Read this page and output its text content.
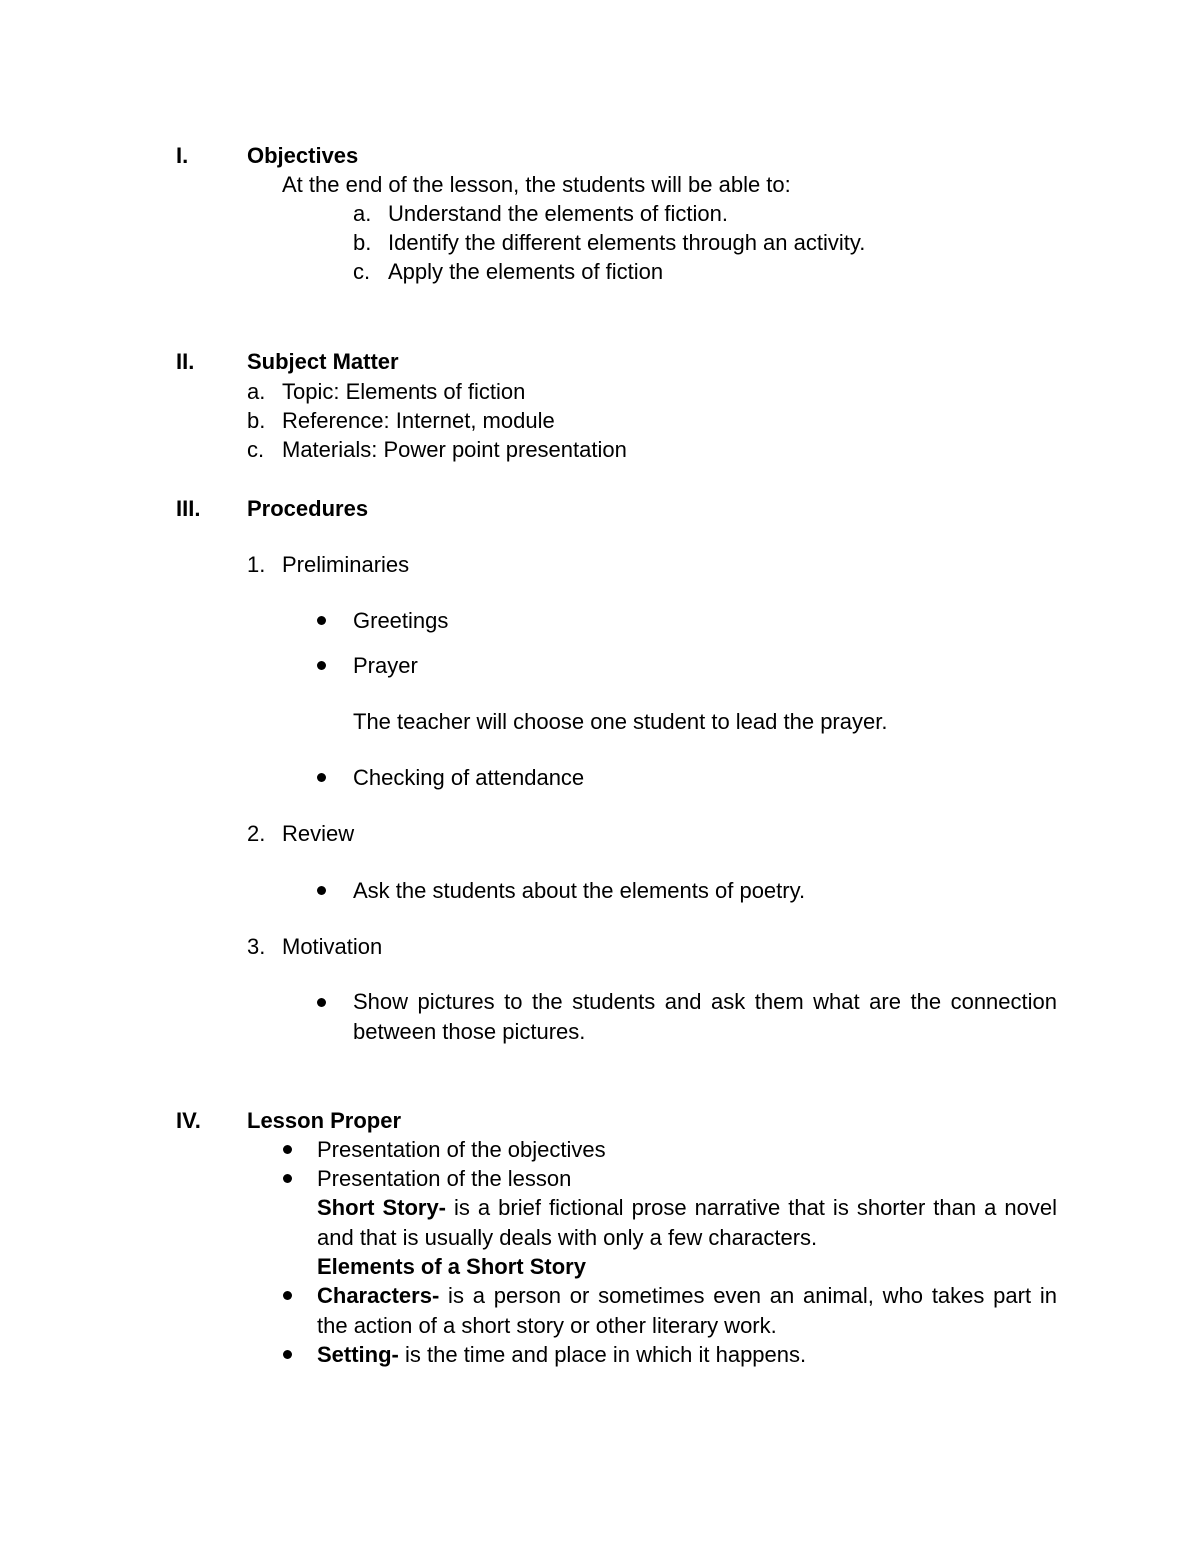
I.	Objectives
At the end of the lesson, the students will be able to:
a. Understand the elements of fiction.
b. Identify the different elements through an activity.
c. Apply the elements of fiction
II. Subject Matter
a. Topic: Elements of fiction
b. Reference: Internet, module
c. Materials: Power point presentation
III. Procedures
1. Preliminaries
Greetings
Prayer
The teacher will choose one student to lead the prayer.
Checking of attendance
2. Review
Ask the students about the elements of poetry.
3. Motivation
Show pictures to the students and ask them what are the connection between those pictures.
IV. Lesson Proper
Presentation of the objectives
Presentation of the lesson
Short Story- is a brief fictional prose narrative that is shorter than a novel and that is usually deals with only a few characters.
Elements of a Short Story
Characters- is a person or sometimes even an animal, who takes part in the action of a short story or other literary work.
Setting- is the time and place in which it happens.
